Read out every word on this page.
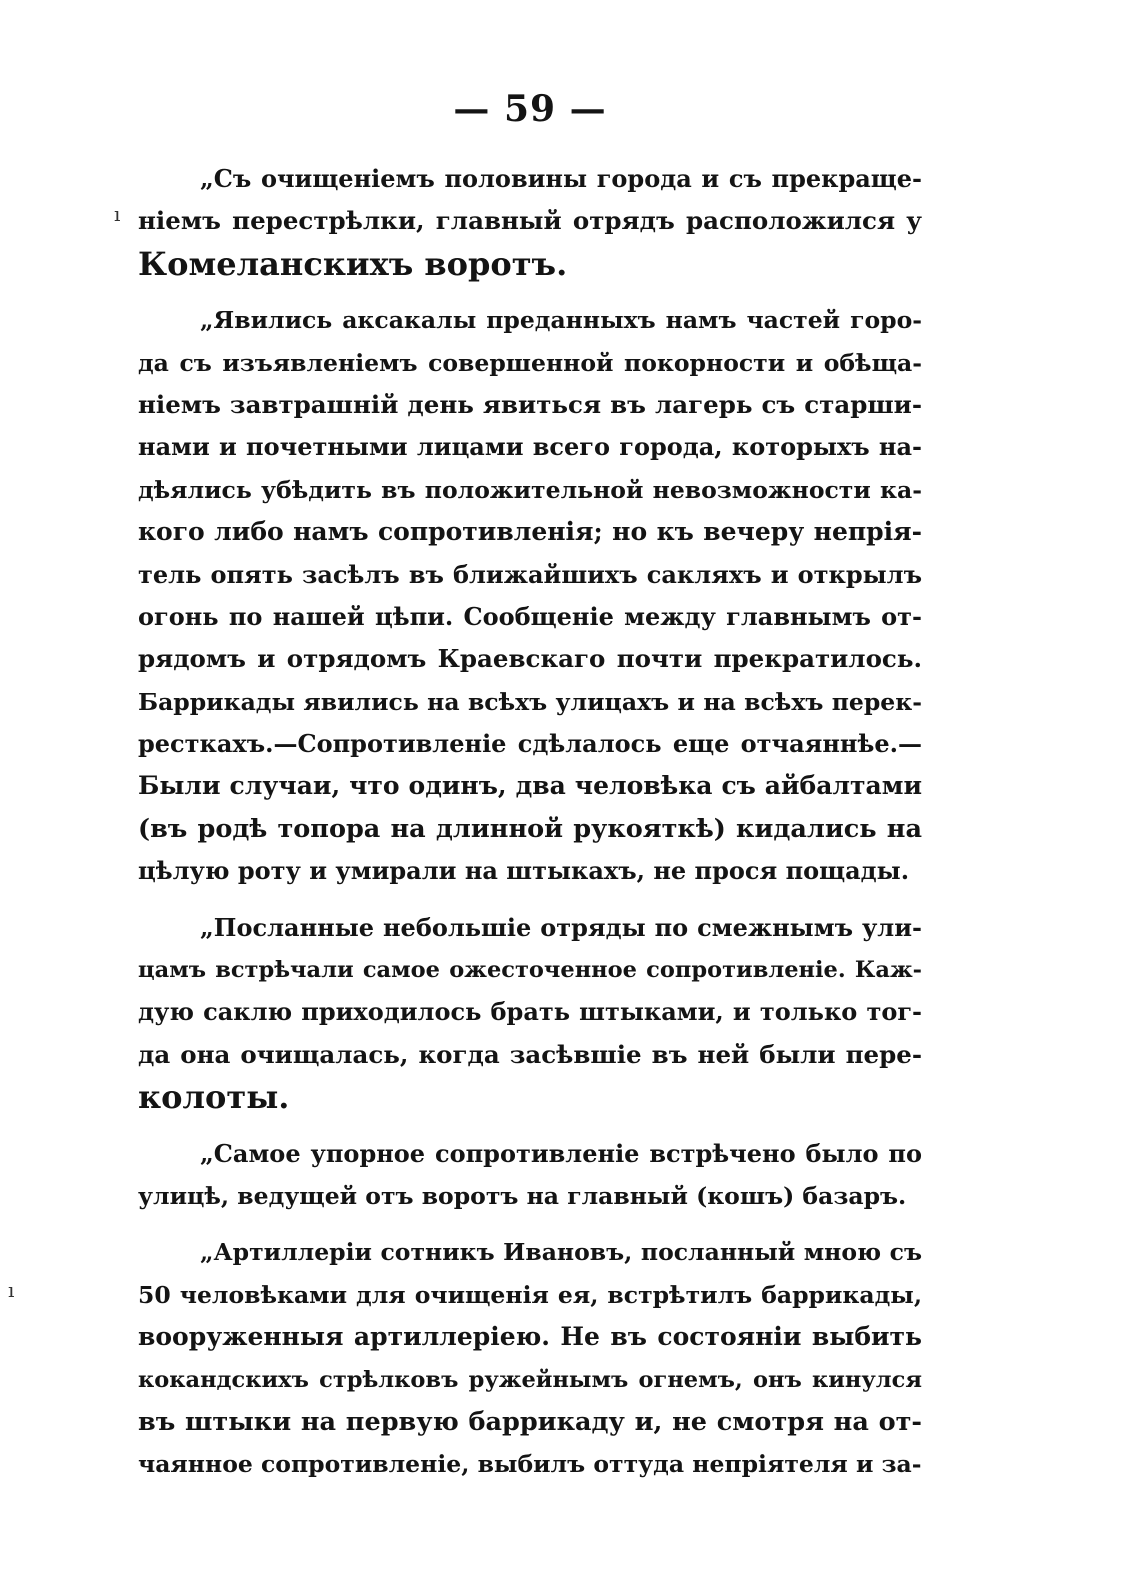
— 59 —
ı
ı
„Съ очищеніемъ половины города и съ прекраще-
ніемъ перестрѣлки, главный отрядъ расположился у
Комеланскихъ воротъ.
„Явились аксакалы преданныхъ намъ частей горо-
да съ изъявленіемъ совершенной покорности и обѣща-
ніемъ завтрашній день явиться въ лагерь съ старши-
нами и почетными лицами всего города, которыхъ на-
дѣялись убѣдить въ положительной невозможности ка-
кого либо намъ сопротивленія; но къ вечеру непрія-
тель опять засѣлъ въ ближайшихъ сакляхъ и открылъ
огонь по нашей цѣпи. Сообщеніе между главнымъ от-
рядомъ и отрядомъ Краевскаго почти прекратилось.
Баррикады явились на всѣхъ улицахъ и на всѣхъ перек-
ресткахъ.—Сопротивленіе сдѣлалось еще отчаяннѣе.—
Были случаи, что одинъ, два человѣка съ айбалтами
(въ родѣ топора на длинной рукояткѣ) кидались на
цѣлую роту и умирали на штыкахъ, не прося пощады.
„Посланные небольшіе отряды по смежнымъ ули-
цамъ встрѣчали самое ожесточенное сопротивленіе. Каж-
дую саклю приходилось брать штыками, и только тог-
да она очищалась, когда засѣвшіе въ ней были пере-
колоты.
„Самое упорное сопротивленіе встрѣчено было по
улицѣ, ведущей отъ воротъ на главный (кошъ) базаръ.
„Артиллеріи сотникъ Ивановъ, посланный мною съ
50 человѣками для очищенія ея, встрѣтилъ баррикады,
вооруженныя артиллеріею. Не въ состояніи выбить
кокандскихъ стрѣлковъ ружейнымъ огнемъ, онъ кинулся
въ штыки на первую баррикаду и, не смотря на от-
чаянное сопротивленіе, выбилъ оттуда непріятеля и за-
